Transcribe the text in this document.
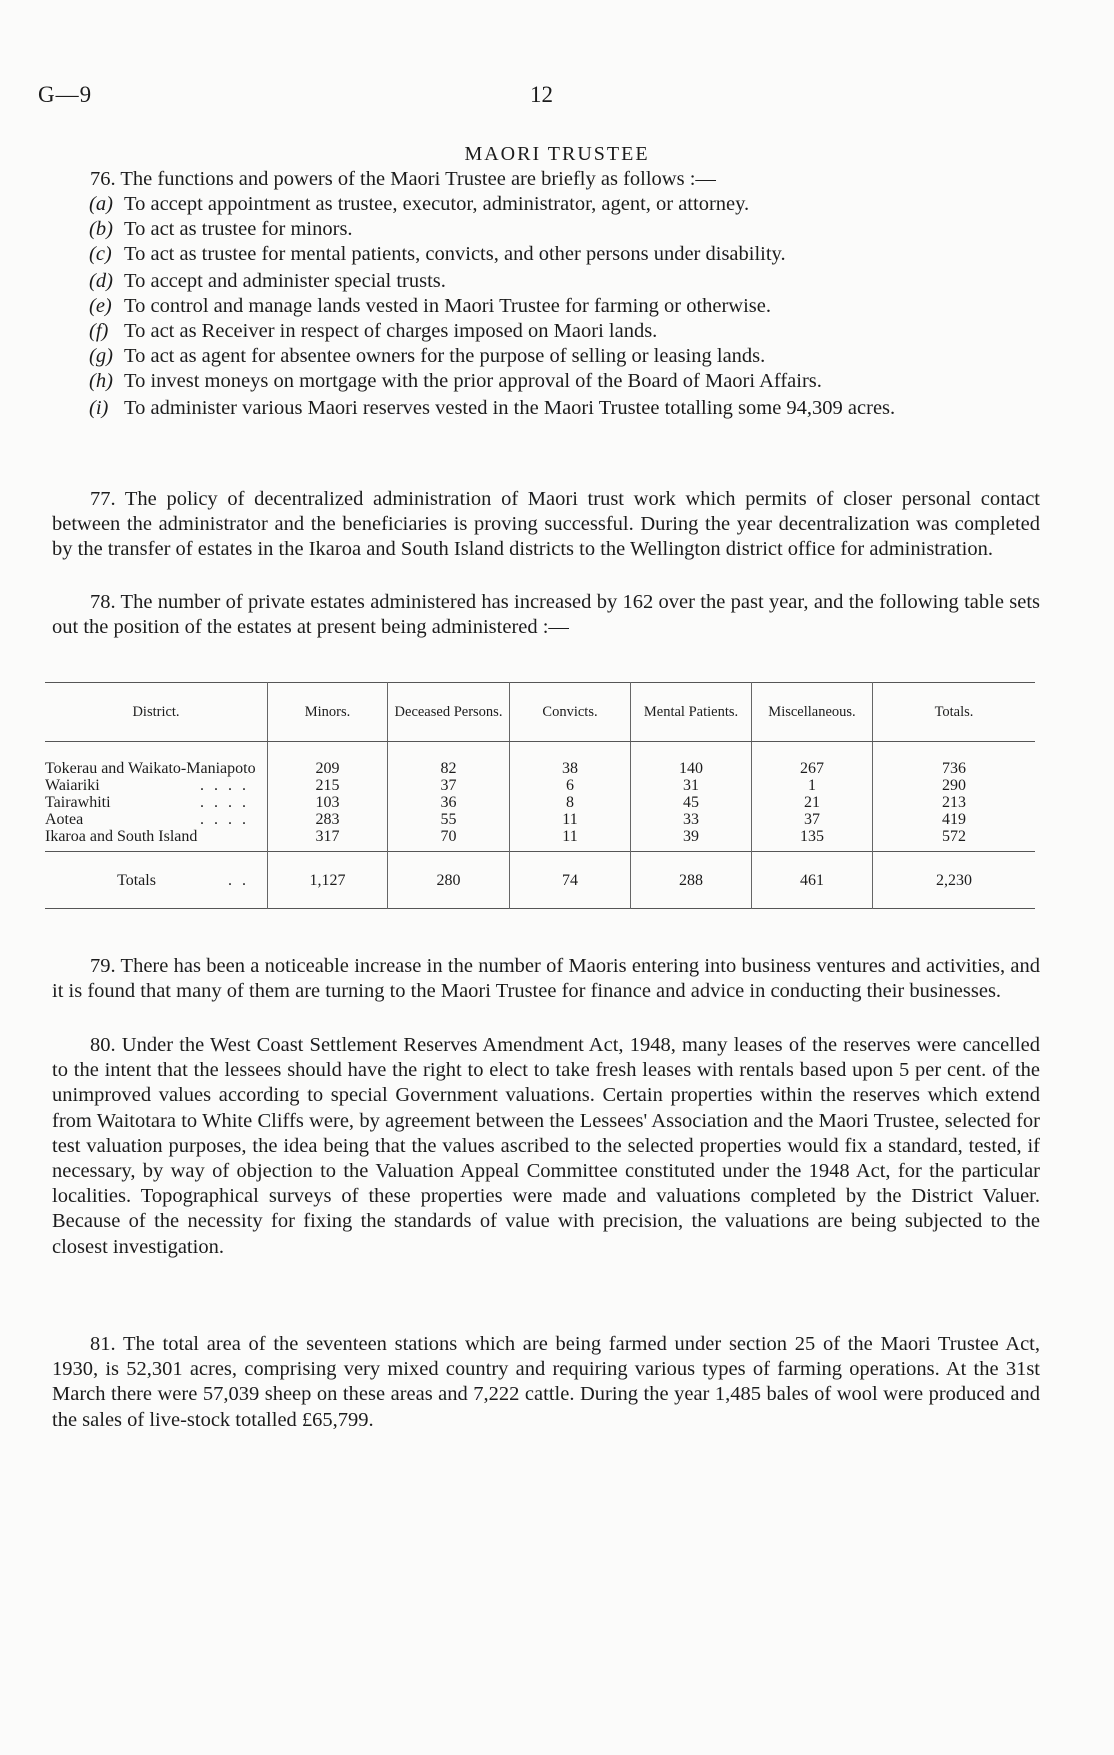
G—9	12
MAORI TRUSTEE
76. The functions and powers of the Maori Trustee are briefly as follows :—
(a) To accept appointment as trustee, executor, administrator, agent, or attorney.
(b) To act as trustee for minors.
(c) To act as trustee for mental patients, convicts, and other persons under disability.
(d) To accept and administer special trusts.
(e) To control and manage lands vested in Maori Trustee for farming or otherwise.
(f) To act as Receiver in respect of charges imposed on Maori lands.
(g) To act as agent for absentee owners for the purpose of selling or leasing lands.
(h) To invest moneys on mortgage with the prior approval of the Board of Maori Affairs.
(i) To administer various Maori reserves vested in the Maori Trustee totalling some 94,309 acres.
77. The policy of decentralized administration of Maori trust work which permits of closer personal contact between the administrator and the beneficiaries is proving successful. During the year decentralization was completed by the transfer of estates in the Ikaroa and South Island districts to the Wellington district office for administration.
78. The number of private estates administered has increased by 162 over the past year, and the following table sets out the position of the estates at present being administered :—
District.	Minors.	Deceased Persons.	Convicts.	Mental Patients.	Miscellaneous.	Totals.
Tokerau and Waikato-Maniapoto	209	82	38	140	267	736
Waiariki . . . .	215	37	6	31	1	290
Tairawhiti . . . .	103	36	8	45	21	213
Aotea . . . .	283	55	11	33	37	419
Ikaroa and South Island	317	70	11	39	135	572
Totals . .	1,127	280	74	288	461	2,230
79. There has been a noticeable increase in the number of Maoris entering into business ventures and activities, and it is found that many of them are turning to the Maori Trustee for finance and advice in conducting their businesses.
80. Under the West Coast Settlement Reserves Amendment Act, 1948, many leases of the reserves were cancelled to the intent that the lessees should have the right to elect to take fresh leases with rentals based upon 5 per cent. of the unimproved values according to special Government valuations. Certain properties within the reserves which extend from Waitotara to White Cliffs were, by agreement between the Lessees' Association and the Maori Trustee, selected for test valuation purposes, the idea being that the values ascribed to the selected properties would fix a standard, tested, if necessary, by way of objection to the Valuation Appeal Committee constituted under the 1948 Act, for the particular localities. Topographical surveys of these properties were made and valuations completed by the District Valuer. Because of the necessity for fixing the standards of value with precision, the valuations are being subjected to the closest investigation.
81. The total area of the seventeen stations which are being farmed under section 25 of the Maori Trustee Act, 1930, is 52,301 acres, comprising very mixed country and requiring various types of farming operations. At the 31st March there were 57,039 sheep on these areas and 7,222 cattle. During the year 1,485 bales of wool were produced and the sales of live-stock totalled £65,799.
